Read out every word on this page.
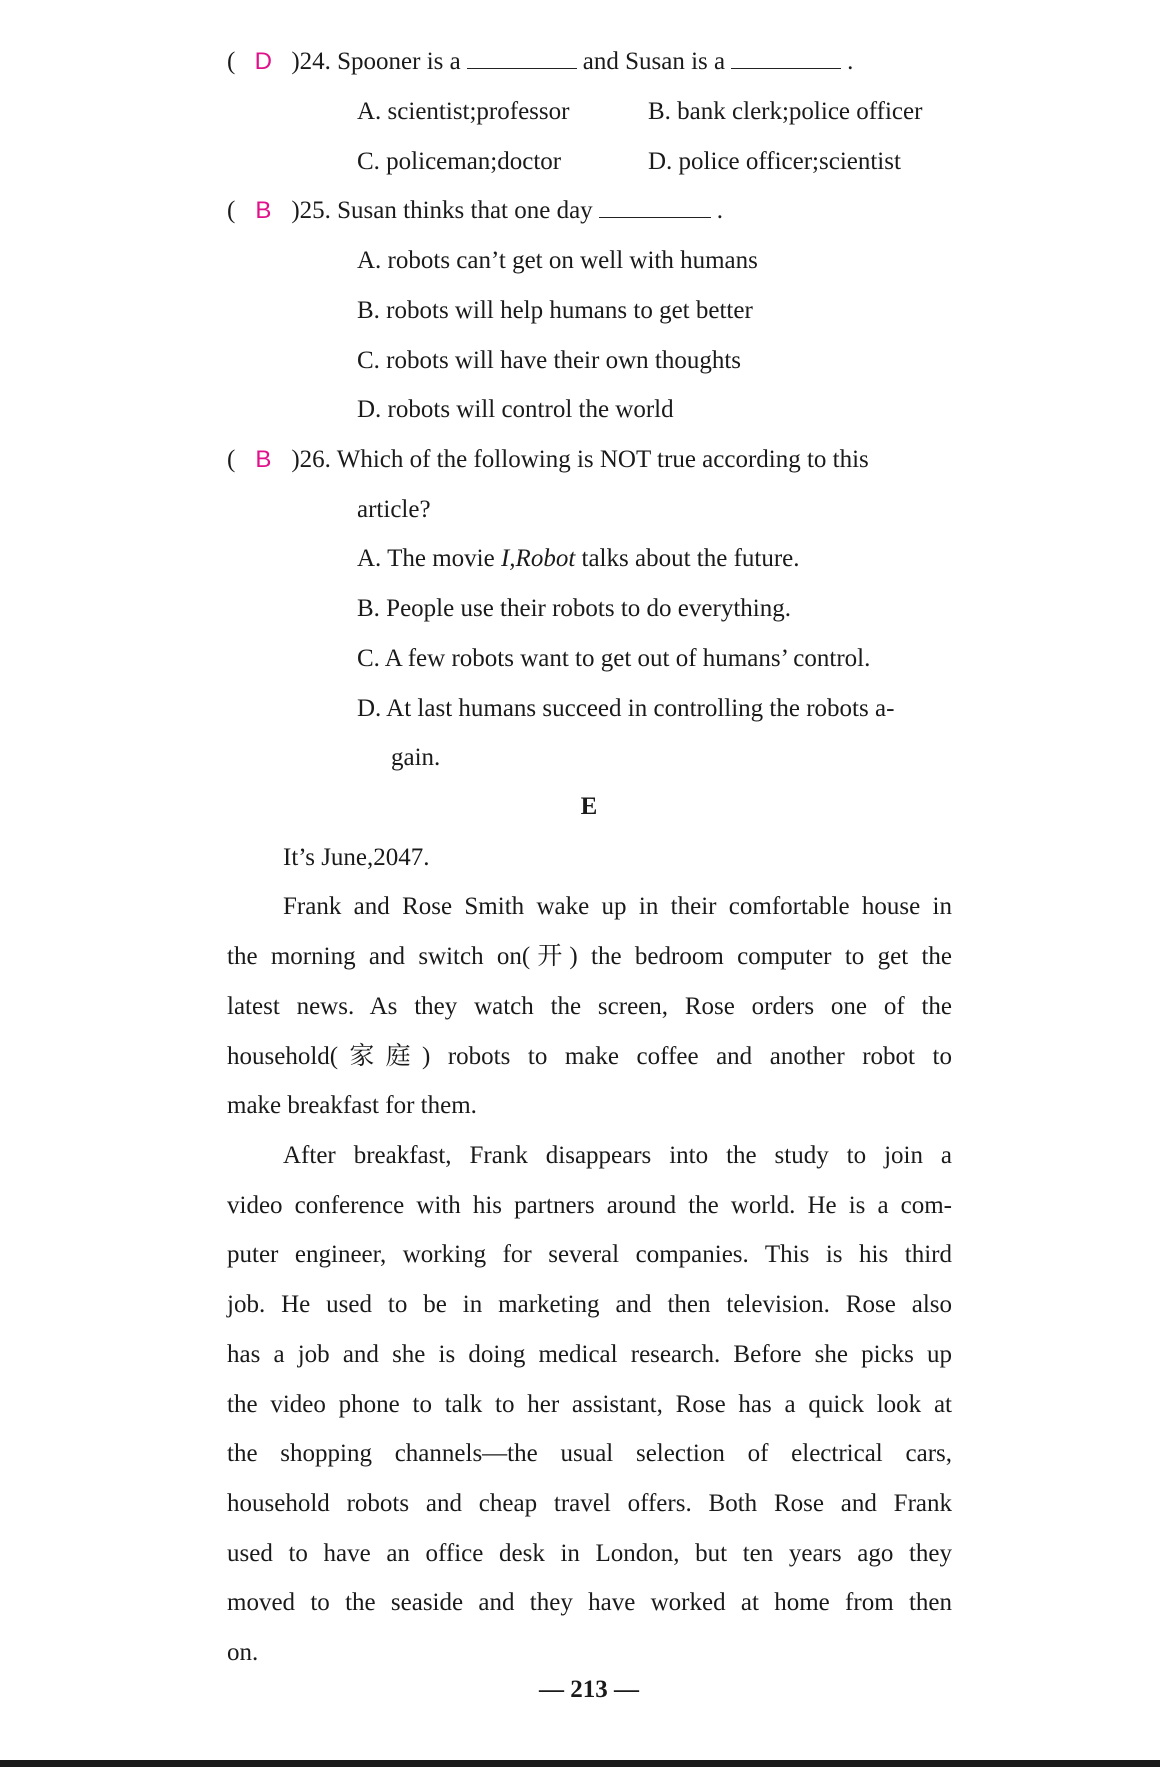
( D )24. Spooner is a	and Susan is a	.
A. scientist;professor	B. bank clerk;police officer
C. policeman;doctor	D. police officer;scientist
( B )25. Susan thinks that one day	.
A. robots can’t get on well with humans
B. robots will help humans to get better
C. robots will have their own thoughts
D. robots will control the world
( B )26. Which of the following is NOT true according to this
article?
A. The movie I,Robot talks about the future.
B. People use their robots to do everything.
C. A few robots want to get out of humans’ control.
D. At last humans succeed in controlling the robots a-
gain.
E
It’s June,2047.
Frank and Rose Smith wake up in their comfortable house in
the morning and switch on(开) the bedroom computer to get the
latest news. As they watch the screen, Rose orders one of the
household(家庭) robots to make coffee and another robot to
make breakfast for them.
After breakfast, Frank disappears into the study to join a
video conference with his partners around the world. He is a com-
puter engineer, working for several companies. This is his third
job. He used to be in marketing and then television. Rose also
has a job and she is doing medical research. Before she picks up
the video phone to talk to her assistant, Rose has a quick look at
the shopping channels—the usual selection of electrical cars,
household robots and cheap travel offers. Both Rose and Frank
used to have an office desk in London, but ten years ago they
moved to the seaside and they have worked at home from then
on.
— 213 —
